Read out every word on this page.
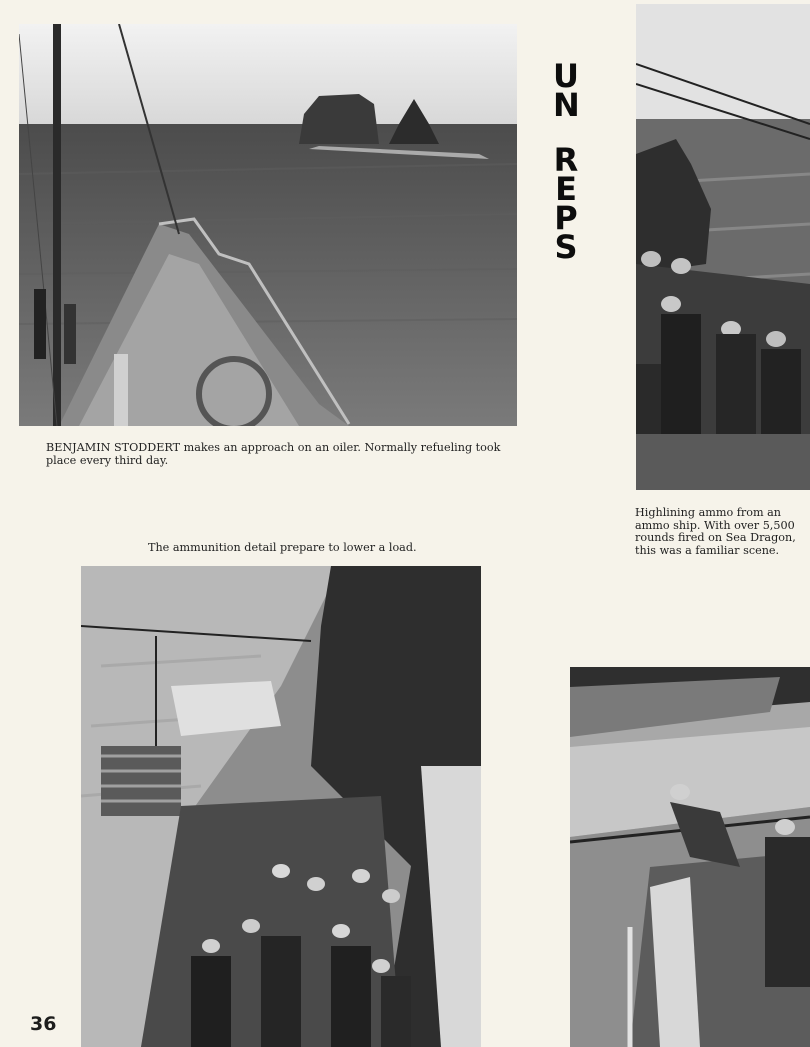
BENJAMIN STODDERT makes an approach on an oiler. Normally refueling took place every third day.
U
N
R
E
P
S
Highlining ammo from an ammo ship. With over 5,500 rounds fired on Sea Dragon, this was a familiar scene.
The ammunition detail prepare to lower a load.
36
